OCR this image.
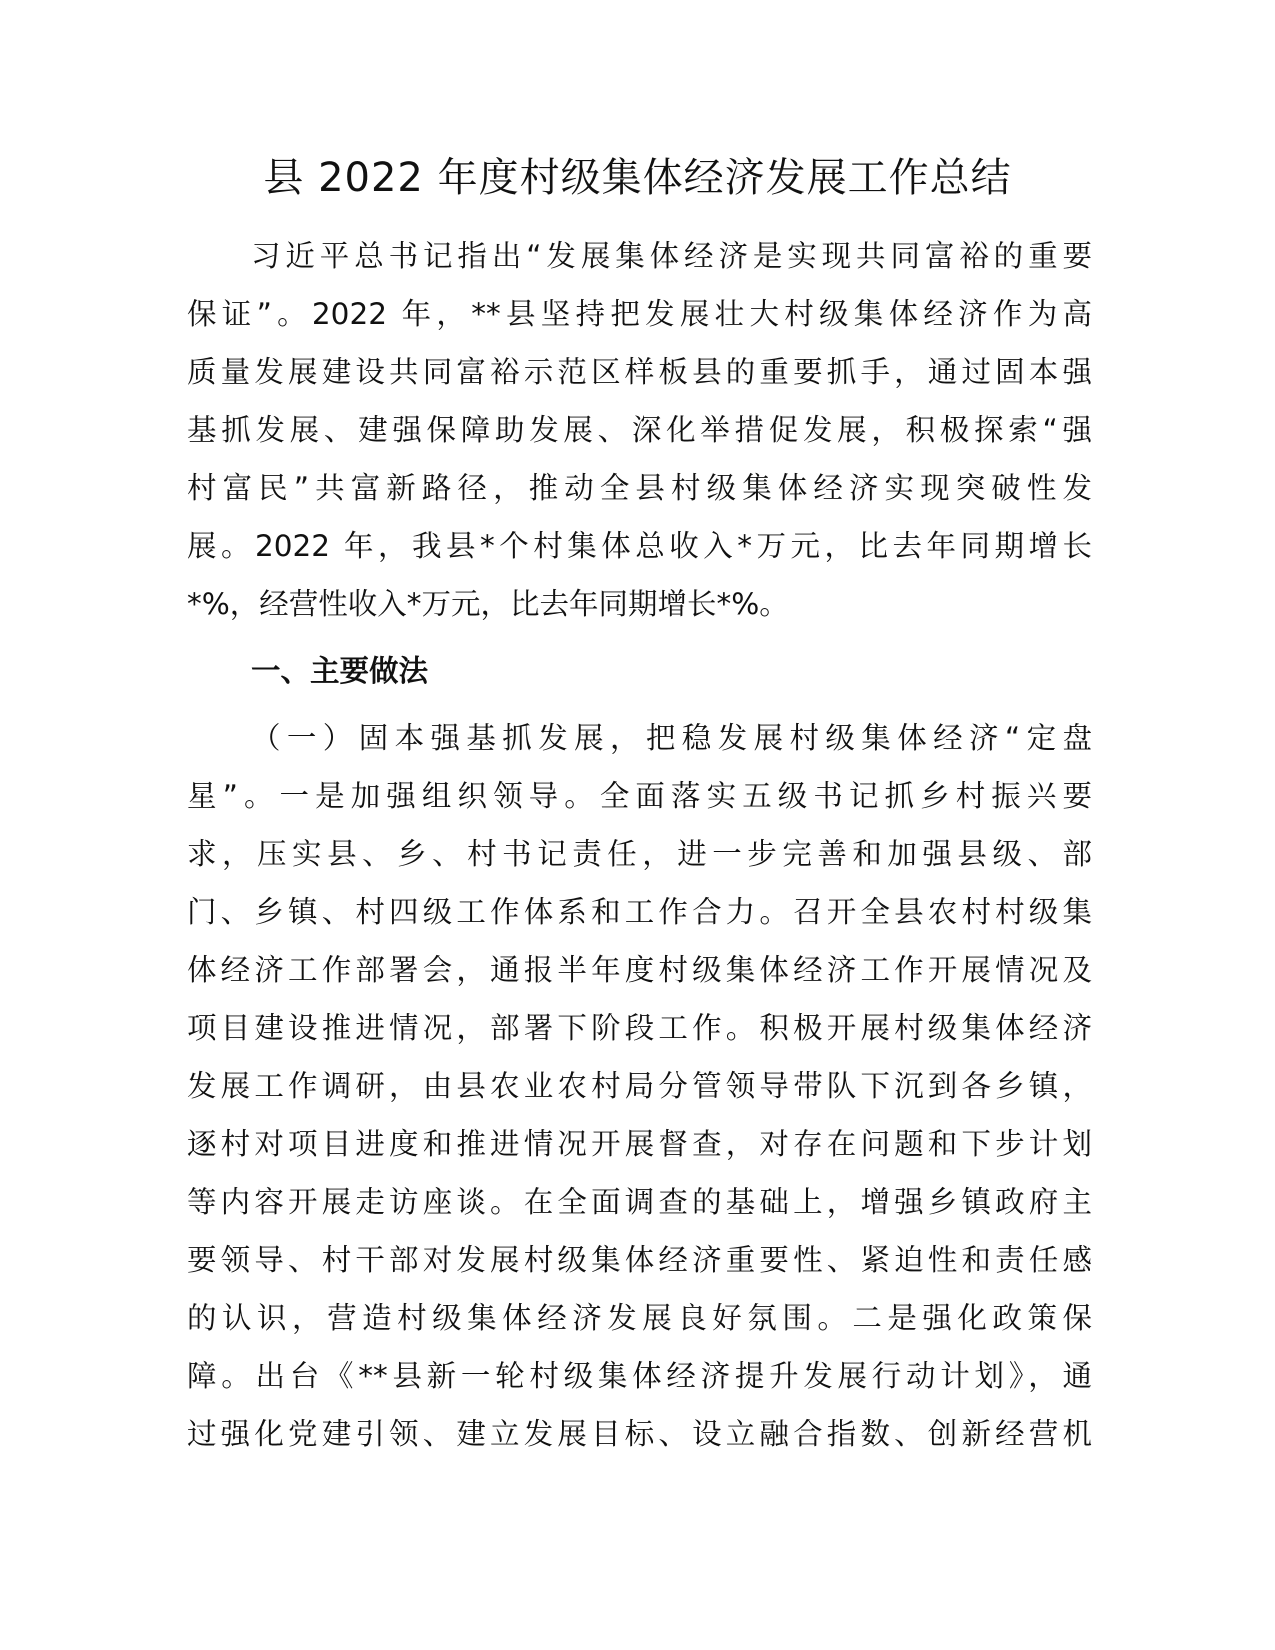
县 2022 年度村级集体经济发展工作总结
习近平总书记指出“发展集体经济是实现共同富裕的重要
保证”。2022 年，**县坚持把发展壮大村级集体经济作为高
质量发展建设共同富裕示范区样板县的重要抓手，通过固本强
基抓发展、建强保障助发展、深化举措促发展，积极探索“强
村富民”共富新路径，推动全县村级集体经济实现突破性发
展。2022 年，我县*个村集体总收入*万元，比去年同期增长
*%，经营性收入*万元，比去年同期增长*%。
一、主要做法
（一）固本强基抓发展，把稳发展村级集体经济“定盘
星”。一是加强组织领导。全面落实五级书记抓乡村振兴要
求，压实县、乡、村书记责任，进一步完善和加强县级、部
门、乡镇、村四级工作体系和工作合力。召开全县农村村级集
体经济工作部署会，通报半年度村级集体经济工作开展情况及
项目建设推进情况，部署下阶段工作。积极开展村级集体经济
发展工作调研，由县农业农村局分管领导带队下沉到各乡镇，
逐村对项目进度和推进情况开展督查，对存在问题和下步计划
等内容开展走访座谈。在全面调查的基础上，增强乡镇政府主
要领导、村干部对发展村级集体经济重要性、紧迫性和责任感
的认识，营造村级集体经济发展良好氛围。二是强化政策保
障。出台《**县新一轮村级集体经济提升发展行动计划》，通
过强化党建引领、建立发展目标、设立融合指数、创新经营机
